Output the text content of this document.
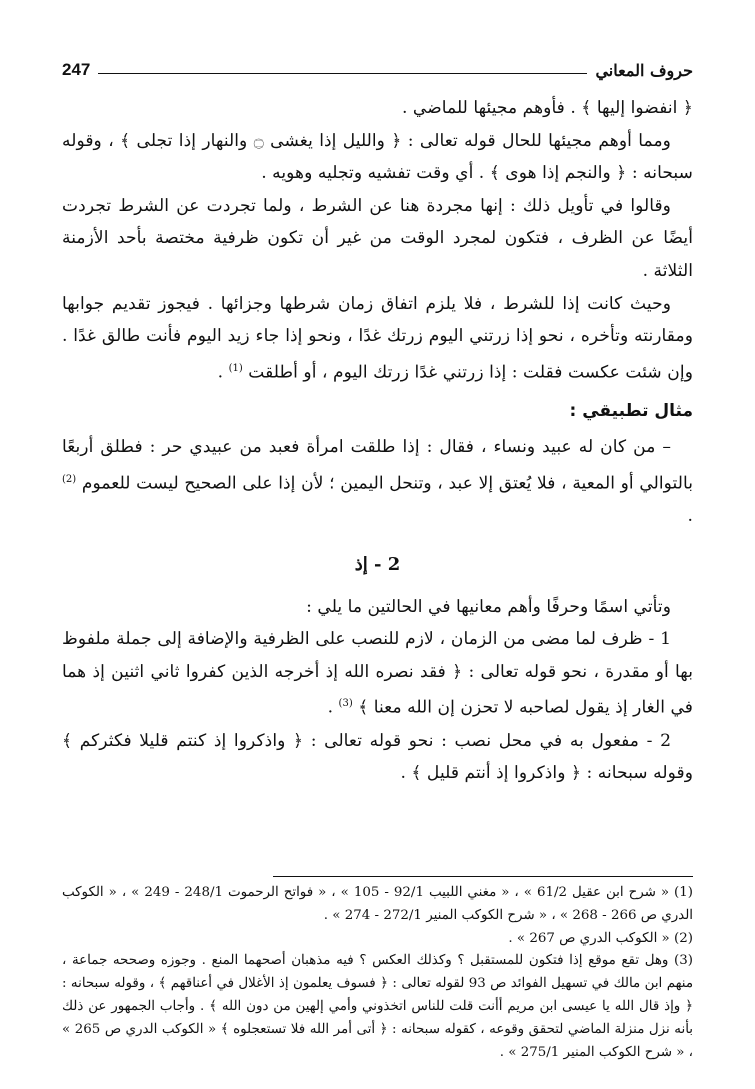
247	حروف المعاني

﴿ انفضوا إليها ﴾ . فأوهم مجيئها للماضي .

ومما أوهم مجيئها للحال قوله تعالى : ﴿ والليل إذا يغشى ۝ والنهار إذا تجلى ﴾ ، وقوله سبحانه : ﴿ والنجم إذا هوى ﴾ . أي وقت تفشيه وتجليه وهويه .

وقالوا في تأويل ذلك : إنها مجردة هنا عن الشرط ، ولما تجردت عن الشرط تجردت أيضًا عن الظرف ، فتكون لمجرد الوقت من غير أن تكون ظرفية مختصة بأحد الأزمنة الثلاثة .

وحيث كانت إذا للشرط ، فلا يلزم اتفاق زمان شرطها وجزائها . فيجوز تقديم جوابها ومقارنته وتأخره ، نحو إذا زرتني اليوم زرتك غدًا ، ونحو إذا جاء زيد اليوم فأنت طالق غدًا . وإن شئت عكست فقلت : إذا زرتني غدًا زرتك اليوم ، أو أطلقت $^{(1)}$ .

مثال تطبيقي :

– من كان له عبيد ونساء ، فقال : إذا طلقت امرأة فعبد من عبيدي حر : فطلق أربعًا بالتوالي أو المعية ، فلا يُعتق إلا عبد ، وتنحل اليمين ؛ لأن إذا على الصحيح ليست للعموم $^{(2)}$ .

2 - إذ

وتأتي اسمًا وحرفًا وأهم معانيها في الحالتين ما يلي :

1 - ظرف لما مضى من الزمان ، لازم للنصب على الظرفية والإضافة إلى جملة ملفوظ بها أو مقدرة ، نحو قوله تعالى : ﴿ فقد نصره الله إذ أخرجه الذين كفروا ثاني اثنين إذ هما في الغار إذ يقول لصاحبه لا تحزن إن الله معنا ﴾ $^{(3)}$ .

2 - مفعول به في محل نصب : نحو قوله تعالى : ﴿ واذكروا إذ كنتم قليلا فكثركم ﴾ وقوله سبحانه : ﴿ واذكروا إذ أنتم قليل ﴾ .

(1) « شرح ابن عقيل 61/2 » ، « مغني اللبيب 92/1 - 105 » ، « فواتح الرحموت 248/1 - 249 » ، « الكوكب الدري ص 266 - 268 » ، « شرح الكوكب المنير 272/1 - 274 » .

(2) « الكوكب الدري ص 267 » .

(3) وهل تقع موقع إذا فتكون للمستقبل ؟ وكذلك العكس ؟ فيه مذهبان أصحهما المنع . وجوزه وصححه جماعة ، منهم ابن مالك في تسهيل الفوائد ص 93 لقوله تعالى : ﴿ فسوف يعلمون إذ الأغلال في أعناقهم ﴾ ، وقوله سبحانه : ﴿ وإذ قال الله يا عيسى ابن مريم أأنت قلت للناس اتخذوني وأمي إلهين من دون الله ﴾ . وأجاب الجمهور عن ذلك بأنه نزل منزلة الماضي لتحقق وقوعه ، كقوله سبحانه : ﴿ أتى أمر الله فلا تستعجلوه ﴾ « الكوكب الدري ص 265 » ، « شرح الكوكب المنير 275/1 » .
